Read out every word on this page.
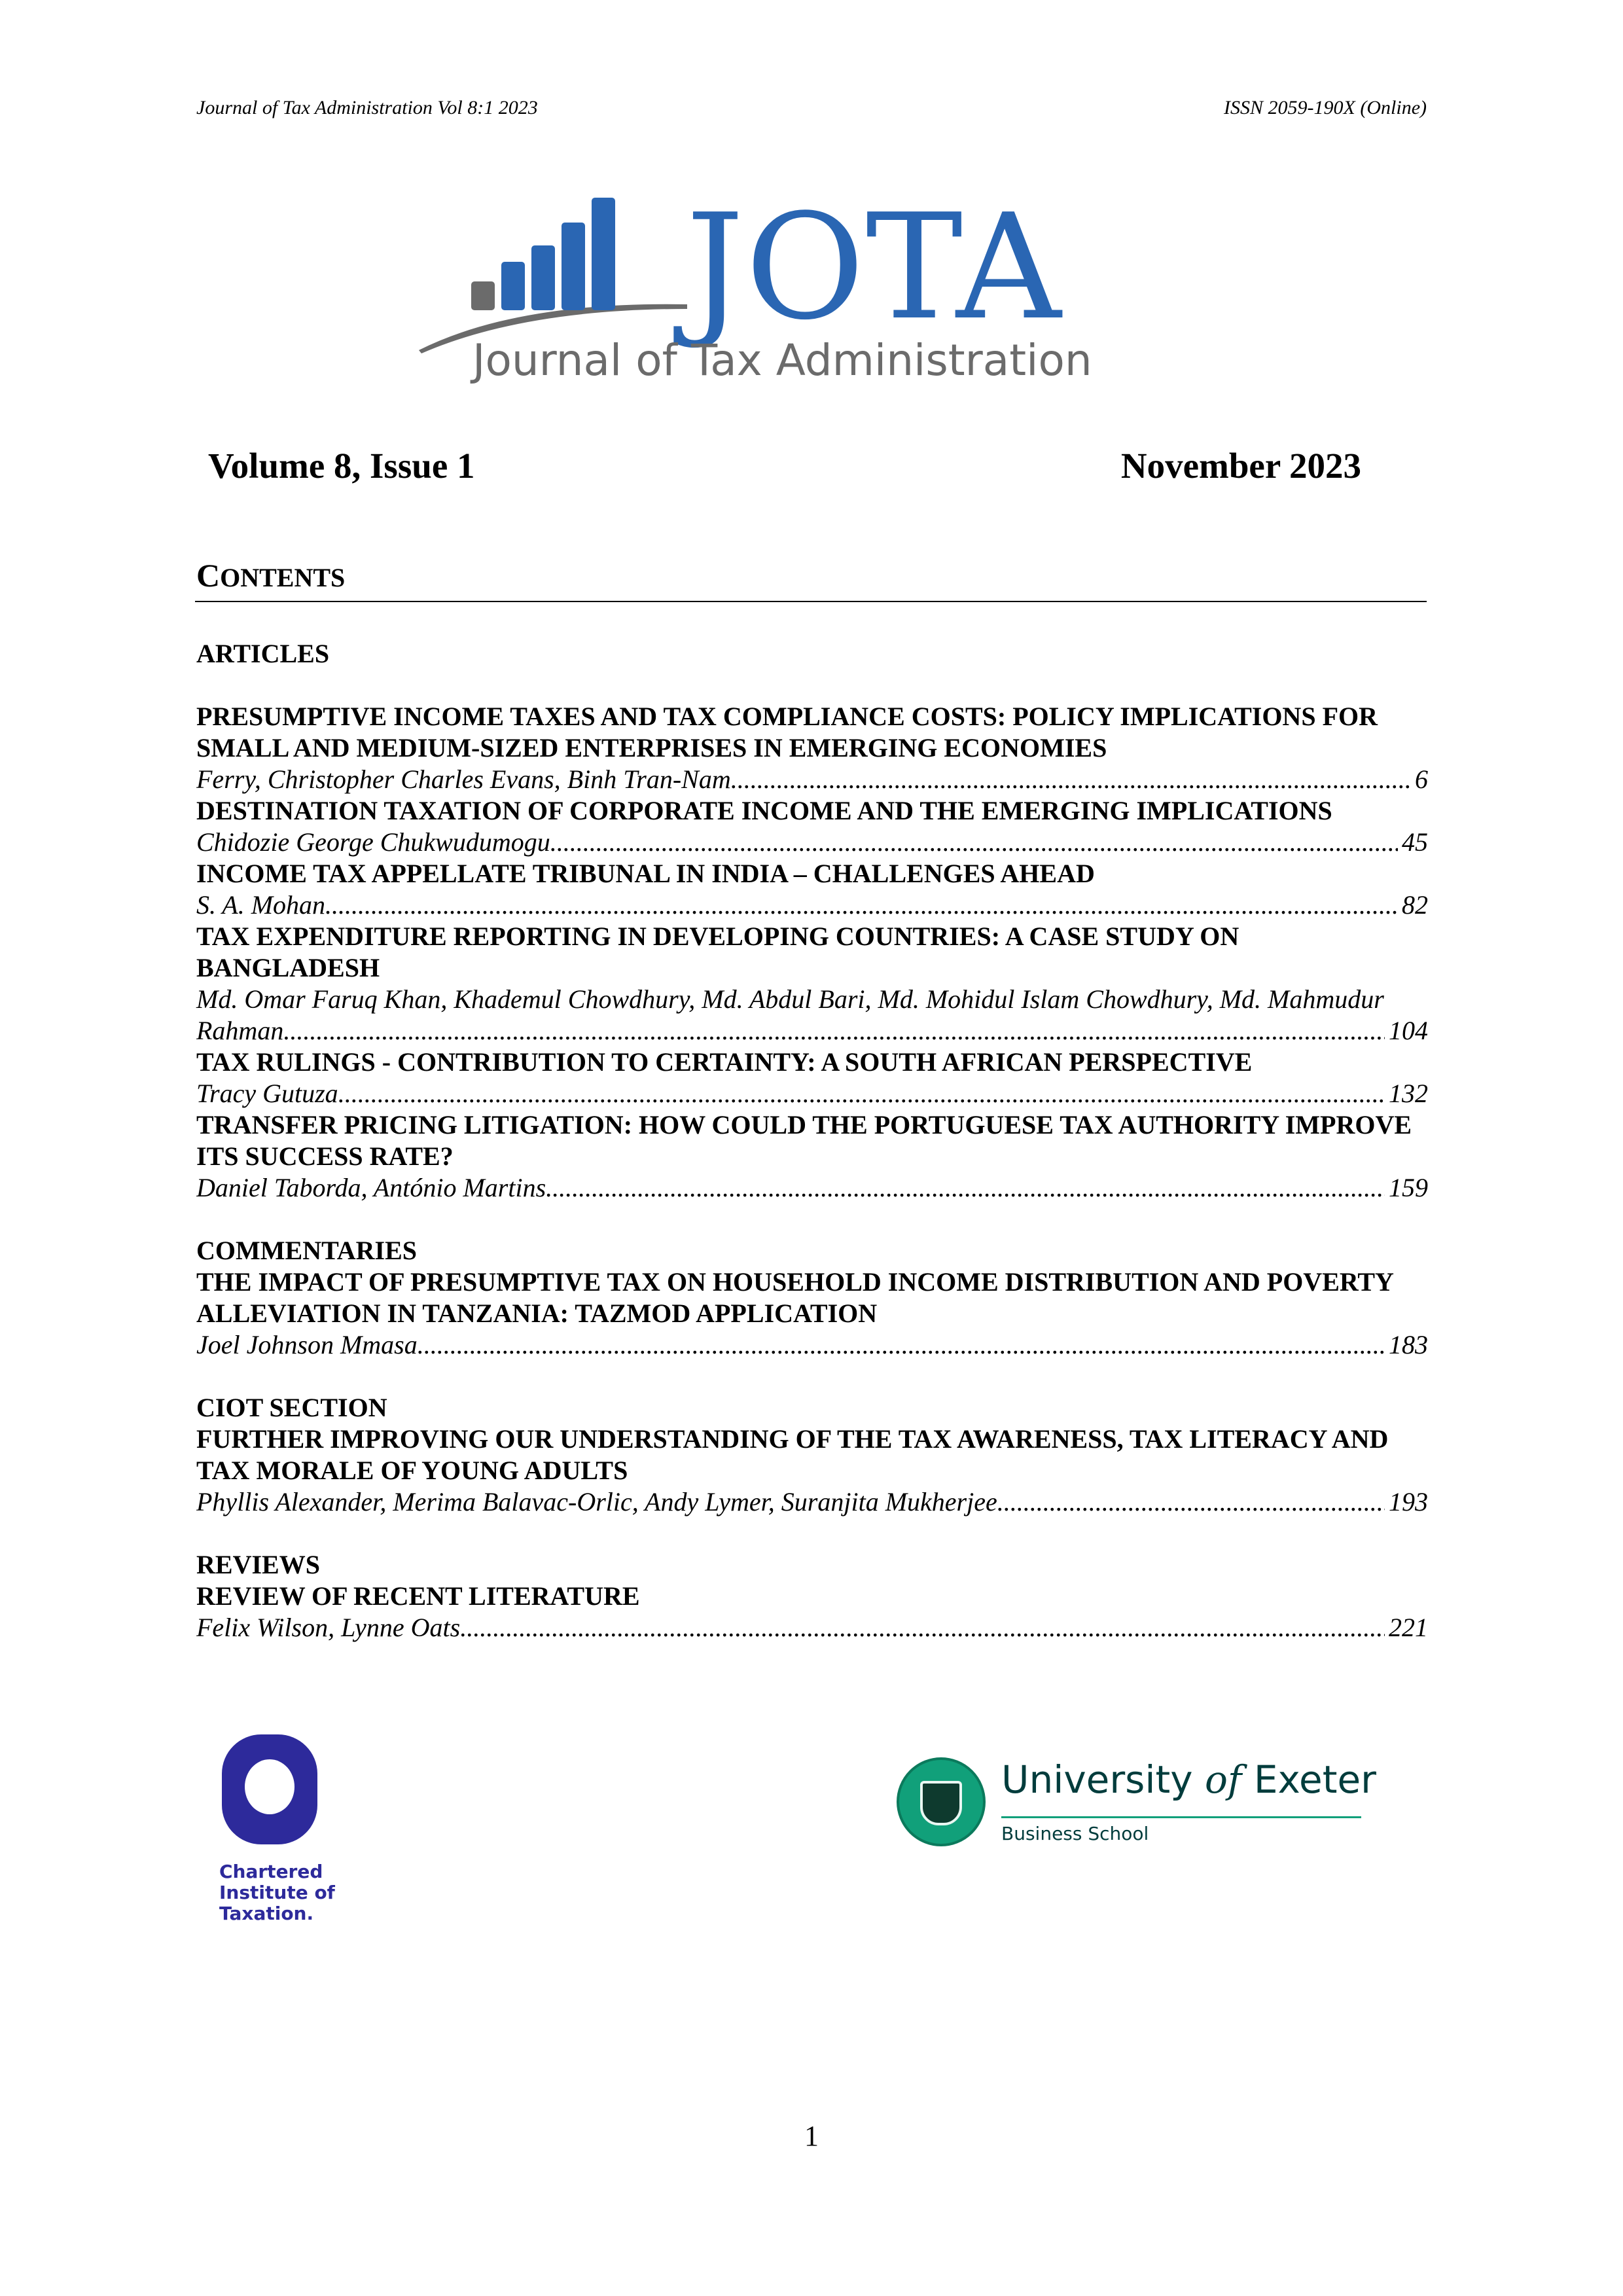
Journal of Tax Administration Vol 8:1 2023	ISSN 2059-190X (Online)
JOTA
Journal of Tax Administration
Volume 8, Issue 1	November 2023
CONTENTS
ARTICLES
PRESUMPTIVE INCOME TAXES AND TAX COMPLIANCE COSTS: POLICY IMPLICATIONS FOR SMALL AND MEDIUM-SIZED ENTERPRISES IN EMERGING ECONOMIES
Ferry, Christopher Charles Evans, Binh Tran-Nam .....	6
DESTINATION TAXATION OF CORPORATE INCOME AND THE EMERGING IMPLICATIONS
Chidozie George Chukwudumogu .....	45
INCOME TAX APPELLATE TRIBUNAL IN INDIA – CHALLENGES AHEAD
S. A. Mohan .....	82
TAX EXPENDITURE REPORTING IN DEVELOPING COUNTRIES: A CASE STUDY ON BANGLADESH
Md. Omar Faruq Khan, Khademul Chowdhury, Md. Abdul Bari, Md. Mohidul Islam Chowdhury, Md. Mahmudur
Rahman .....	104
TAX RULINGS - CONTRIBUTION TO CERTAINTY: A SOUTH AFRICAN PERSPECTIVE
Tracy Gutuza .....	132
TRANSFER PRICING LITIGATION: HOW COULD THE PORTUGUESE TAX AUTHORITY IMPROVE ITS SUCCESS RATE?
Daniel Taborda, António Martins .....	159
COMMENTARIES
THE IMPACT OF PRESUMPTIVE TAX ON HOUSEHOLD INCOME DISTRIBUTION AND POVERTY ALLEVIATION IN TANZANIA: TAZMOD APPLICATION
Joel Johnson Mmasa .....	183
CIOT SECTION
FURTHER IMPROVING OUR UNDERSTANDING OF THE TAX AWARENESS, TAX LITERACY AND TAX MORALE OF YOUNG ADULTS
Phyllis Alexander, Merima Balavac-Orlic, Andy Lymer, Suranjita Mukherjee .....	193
REVIEWS
REVIEW OF RECENT LITERATURE
Felix Wilson, Lynne Oats .....	221
Chartered
Institute of
Taxation.
University of Exeter
Business School
1
